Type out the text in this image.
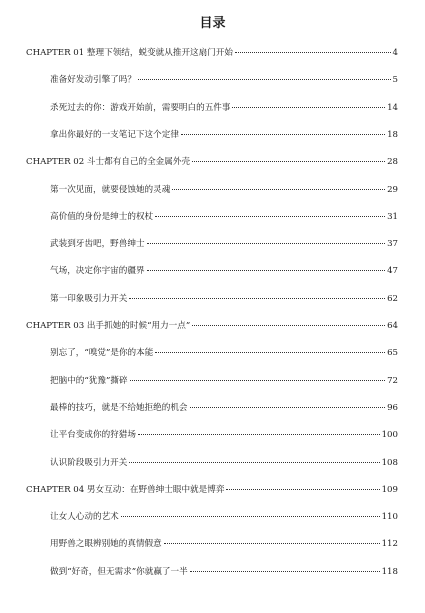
目录
CHAPTER 01 整理下领结，蜕变就从推开这扇门开始	4
准备好发动引擎了吗？	5
杀死过去的你：游戏开始前，需要明白的五件事	14
拿出你最好的一支笔记下这个定律	18
CHAPTER 02 斗士都有自己的全金属外壳	28
第一次见面，就要侵蚀她的灵魂	29
高价值的身份是绅士的权杖	31
武装到牙齿吧，野兽绅士	37
气场，决定你宇宙的疆界	47
第一印象吸引力开关	62
CHAPTER 03 出手抓她的时候“用力一点”	64
别忘了，“嗅觉”是你的本能	65
把脑中的“犹豫”撕碎	72
最棒的技巧，就是不给她拒绝的机会	96
让平台变成你的狩猎场	100
认识阶段吸引力开关	108
CHAPTER 04 男女互动：在野兽绅士眼中就是博弈	109
让女人心动的艺术	110
用野兽之眼辨别她的真情假意	112
做到“好奇，但无需求”你就赢了一半	118
